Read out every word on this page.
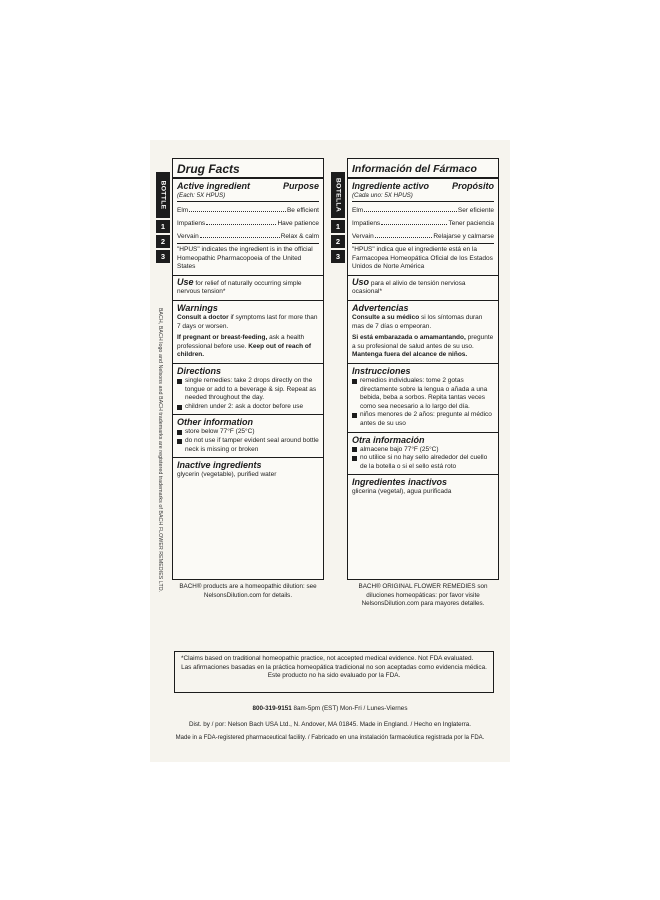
BACH, BACH logo and Nelsons and BACH trademarks are registered trademarks of BACH FLOWER REMEDIES LTD.
BOTTLE
1
2
3
BOTELLA
1
2
3
Drug Facts
Active ingredient	Purpose
(Each: 5X HPUS)
Elm	Be efficient
Impatiens	Have patience
Vervain	Relax & calm
"HPUS" indicates the ingredient is in the official Homeopathic Pharmacopoeia of the United States
Use for relief of naturally occurring simple nervous tension*
Warnings
Consult a doctor if symptoms last for more than 7 days or worsen.
If pregnant or breast-feeding, ask a health professional before use. Keep out of reach of children.
Directions
single remedies: take 2 drops directly on the tongue or add to a beverage & sip. Repeat as needed throughout the day.
children under 2: ask a doctor before use
Other information
store below 77°F (25°C)
do not use if tamper evident seal around bottle neck is missing or broken
Inactive ingredients
glycerin (vegetable), purified water
BACH® products are a homeopathic dilution: see NelsonsDilution.com for details.
Información del Fármaco
Ingrediente activo	Propósito
(Cada uno: 5X HPUS)
Elm	Ser eficiente
Impatiens	Tener paciencia
Vervain	Relajarse y calmarse
"HPUS" indica que el ingrediente está en la Farmacopea Homeopática Oficial de los Estados Unidos de Norte América
Uso para el alivio de tensión nerviosa ocasional*
Advertencias
Consulte a su médico si los síntomas duran mas de 7 días o empeoran.
Si está embarazada o amamantando, pregunte a su profesional de salud antes de su uso. Mantenga fuera del alcance de niños.
Instrucciones
remedios individuales: tome 2 gotas directamente sobre la lengua o añada a una bebida, beba a sorbos. Repita tantas veces como sea necesario a lo largo del día.
niños menores de 2 años: pregunte al médico antes de su uso
Otra información
almacene bajo 77°F (25°C)
no utilice si no hay sello alrededor del cuello de la botella o si el sello está roto
Ingredientes inactivos
glicerina (vegetal), agua purificada
BACH® ORIGINAL FLOWER REMEDIES son diluciones homeopáticas: por favor visite NelsonsDilution.com para mayores detalles.
*Claims based on traditional homeopathic practice, not accepted medical evidence. Not FDA evaluated.
Las afirmaciones basadas en la práctica homeopática tradicional no son aceptadas como evidencia médica. Este producto no ha sido evaluado por la FDA.
800-319-9151 8am-5pm (EST) Mon-Fri / Lunes-Viernes
Dist. by / por: Nelson Bach USA Ltd., N. Andover, MA 01845. Made in England. / Hecho en Inglaterra.
Made in a FDA-registered pharmaceutical facility. / Fabricado en una instalación farmacéutica registrada por la FDA.
